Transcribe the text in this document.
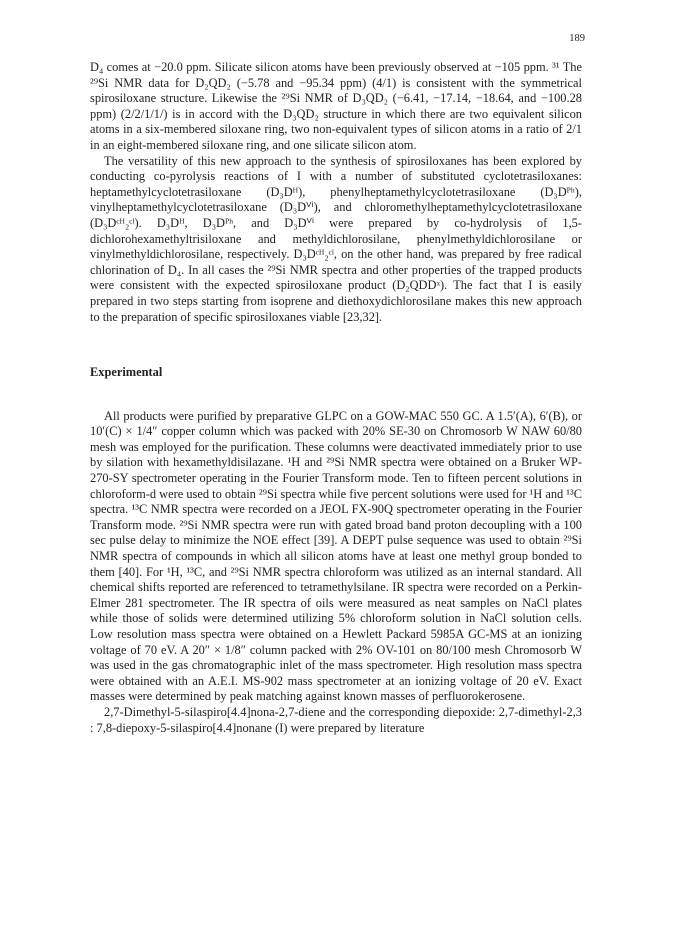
189

D₄ comes at −20.0 ppm. Silicate silicon atoms have been previously observed at −105 ppm. ³¹ The ²⁹Si NMR data for D₂QD₂ (−5.78 and −95.34 ppm) (4/1) is consistent with the symmetrical spirosiloxane structure. Likewise the ²⁹Si NMR of D₃QD₂ (−6.41, −17.14, −18.64, and −100.28 ppm) (2/2/1/1/) is in accord with the D₃QD₂ structure in which there are two equivalent silicon atoms in a six-membered siloxane ring, two non-equivalent types of silicon atoms in a ratio of 2/1 in an eight-membered siloxane ring, and one silicate silicon atom.

The versatility of this new approach to the synthesis of spirosiloxanes has been explored by conducting co-pyrolysis reactions of I with a number of substituted cyclotetrasiloxanes: heptamethylcyclotetrasiloxane (D₃Dᴴ), phenylheptamethylcyclotetrasiloxane (D₃Dᴾʰ), vinylheptamethylcyclotetrasiloxane (D₃Dⱽⁱ), and chloromethylheptamethylcyclotetrasiloxane (D₃Dᶜᴴ₂ᶜˡ). D₃Dᴴ, D₃Dᴾʰ, and D₃Dⱽⁱ were prepared by co-hydrolysis of 1,5-dichlorohexamethyltrisiloxane and methyldichlorosilane, phenylmethyldichlorosilane or vinylmethyldichlorosilane, respectively. D₃Dᶜᴴ₂ᶜˡ, on the other hand, was prepared by free radical chlorination of D₄. In all cases the ²⁹Si NMR spectra and other properties of the trapped products were consistent with the expected spirosiloxane product (D₂QDDˣ). The fact that I is easily prepared in two steps starting from isoprene and diethoxydichlorosilane makes this new approach to the preparation of specific spirosiloxanes viable [23,32].

Experimental

All products were purified by preparative GLPC on a GOW-MAC 550 GC. A 1.5′(A), 6′(B), or 10′(C) × 1/4″ copper column which was packed with 20% SE-30 on Chromosorb W NAW 60/80 mesh was employed for the purification. These columns were deactivated immediately prior to use by silation with hexamethyldisilazane. ¹H and ²⁹Si NMR spectra were obtained on a Bruker WP-270-SY spectrometer operating in the Fourier Transform mode. Ten to fifteen percent solutions in chloroform-d were used to obtain ²⁹Si spectra while five percent solutions were used for ¹H and ¹³C spectra. ¹³C NMR spectra were recorded on a JEOL FX-90Q spectrometer operating in the Fourier Transform mode. ²⁹Si NMR spectra were run with gated broad band proton decoupling with a 100 sec pulse delay to minimize the NOE effect [39]. A DEPT pulse sequence was used to obtain ²⁹Si NMR spectra of compounds in which all silicon atoms have at least one methyl group bonded to them [40]. For ¹H, ¹³C, and ²⁹Si NMR spectra chloroform was utilized as an internal standard. All chemical shifts reported are referenced to tetramethylsilane. IR spectra were recorded on a Perkin-Elmer 281 spectrometer. The IR spectra of oils were measured as neat samples on NaCl plates while those of solids were determined utilizing 5% chloroform solution in NaCl solution cells. Low resolution mass spectra were obtained on a Hewlett Packard 5985A GC-MS at an ionizing voltage of 70 eV. A 20″ × 1/8″ column packed with 2% OV-101 on 80/100 mesh Chromosorb W was used in the gas chromatographic inlet of the mass spectrometer. High resolution mass spectra were obtained with an A.E.I. MS-902 mass spectrometer at an ionizing voltage of 20 eV. Exact masses were determined by peak matching against known masses of perfluorokerosene.

2,7-Dimethyl-5-silaspiro[4.4]nona-2,7-diene and the corresponding diepoxide: 2,7-dimethyl-2,3 : 7,8-diepoxy-5-silaspiro[4.4]nonane (I) were prepared by literature
